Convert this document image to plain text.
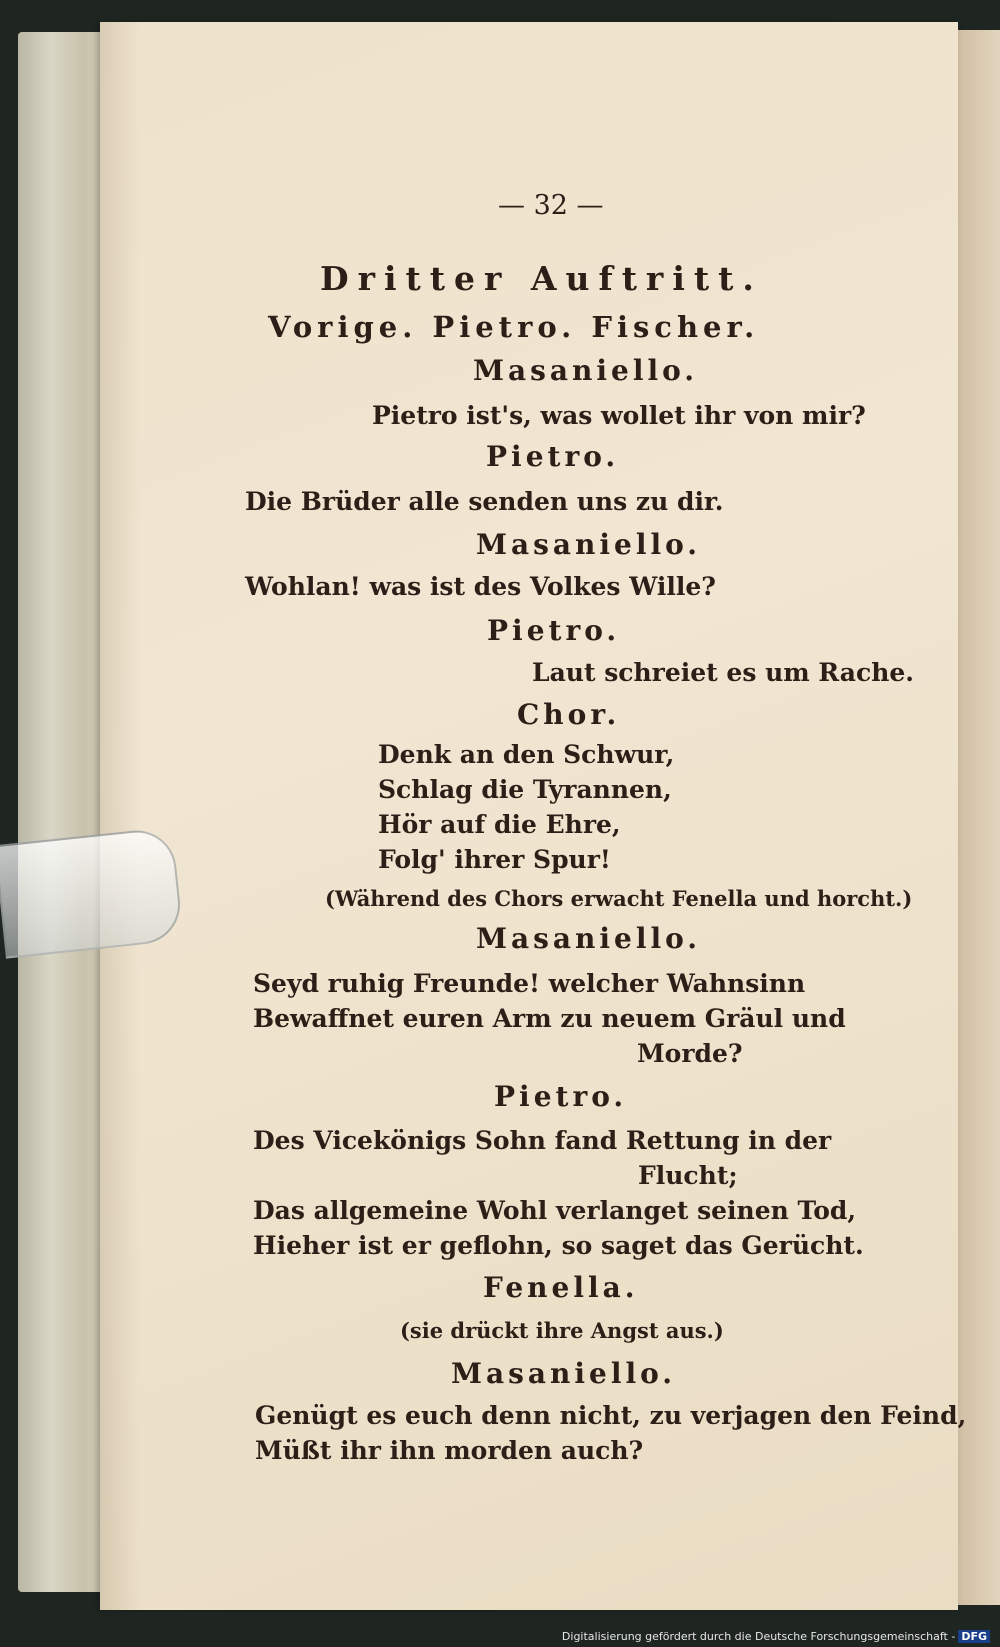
— 32 —
Dritter Auftritt.
Vorige. Pietro. Fischer.
Masaniello.
Pietro ist's, was wollet ihr von mir?
Pietro.
Die Brüder alle senden uns zu dir.
Masaniello.
Wohlan! was ist des Volkes Wille?
Pietro.
Laut schreiet es um Rache.
Chor.
Denk an den Schwur,
Schlag die Tyrannen,
Hör auf die Ehre,
Folg' ihrer Spur!
(Während des Chors erwacht Fenella und horcht.)
Masaniello.
Seyd ruhig Freunde! welcher Wahnsinn
Bewaffnet euren Arm zu neuem Gräul und
Morde?
Pietro.
Des Vicekönigs Sohn fand Rettung in der
Flucht;
Das allgemeine Wohl verlanget seinen Tod,
Hieher ist er geflohn, so saget das Gerücht.
Fenella.
(sie drückt ihre Angst aus.)
Masaniello.
Genügt es euch denn nicht, zu verjagen den Feind,
Müßt ihr ihn morden auch?
Digitalisierung gefördert durch die Deutsche Forschungsgemeinschaft - DFG
